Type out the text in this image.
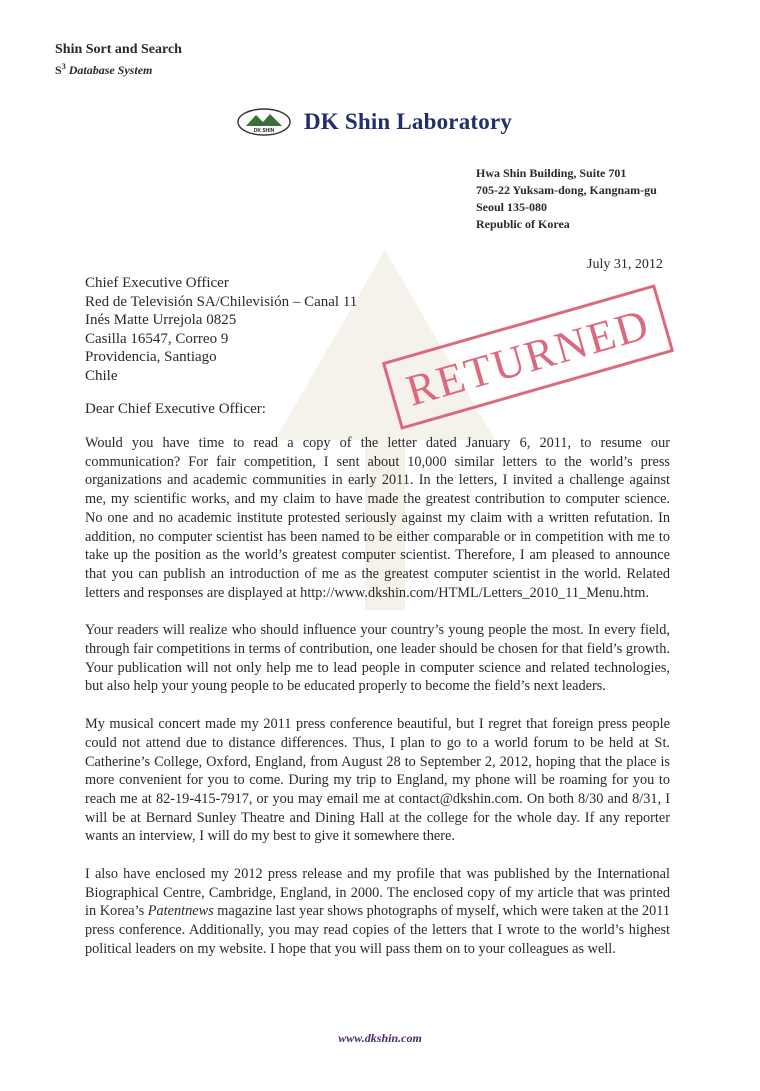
Shin Sort and Search
$S^3$ Database System
DK SHIN DK Shin Laboratory
Hwa Shin Building, Suite 701
705-22 Yuksam-dong, Kangnam-gu
Seoul 135-080
Republic of Korea
July 31, 2012
Chief Executive Officer
Red de Televisión SA/Chilevisión – Canal 11
Inés Matte Urrejola 0825
Casilla 16547, Correo 9
Providencia, Santiago
Chile	RETURNED
Dear Chief Executive Officer:

Would you have time to read a copy of the letter dated January 6, 2011, to resume our communication? For fair competition, I sent about 10,000 similar letters to the world’s press organizations and academic communities in early 2011. In the letters, I invited a challenge against me, my scientific works, and my claim to have made the greatest contribution to computer science. No one and no academic institute protested seriously against my claim with a written refutation. In addition, no computer scientist has been named to be either comparable or in competition with me to take up the position as the world’s greatest computer scientist. Therefore, I am pleased to announce that you can publish an introduction of me as the greatest computer scientist in the world. Related letters and responses are displayed at http://www.dkshin.com/HTML/Letters_2010_11_Menu.htm.

Your readers will realize who should influence your country’s young people the most. In every field, through fair competitions in terms of contribution, one leader should be chosen for that field’s growth. Your publication will not only help me to lead people in computer science and related technologies, but also help your young people to be educated properly to become the field’s next leaders.

My musical concert made my 2011 press conference beautiful, but I regret that foreign press people could not attend due to distance differences. Thus, I plan to go to a world forum to be held at St. Catherine’s College, Oxford, England, from August 28 to September 2, 2012, hoping that the place is more convenient for you to come. During my trip to England, my phone will be roaming for you to reach me at 82-19-415-7917, or you may email me at contact@dkshin.com. On both 8/30 and 8/31, I will be at Bernard Sunley Theatre and Dining Hall at the college for the whole day. If any reporter wants an interview, I will do my best to give it somewhere there.

I also have enclosed my 2012 press release and my profile that was published by the International Biographical Centre, Cambridge, England, in 2000. The enclosed copy of my article that was printed in Korea’s Patentnews magazine last year shows photographs of myself, which were taken at the 2011 press conference. Additionally, you may read copies of the letters that I wrote to the world’s highest political leaders on my website. I hope that you will pass them on to your colleagues as well.

www.dkshin.com
